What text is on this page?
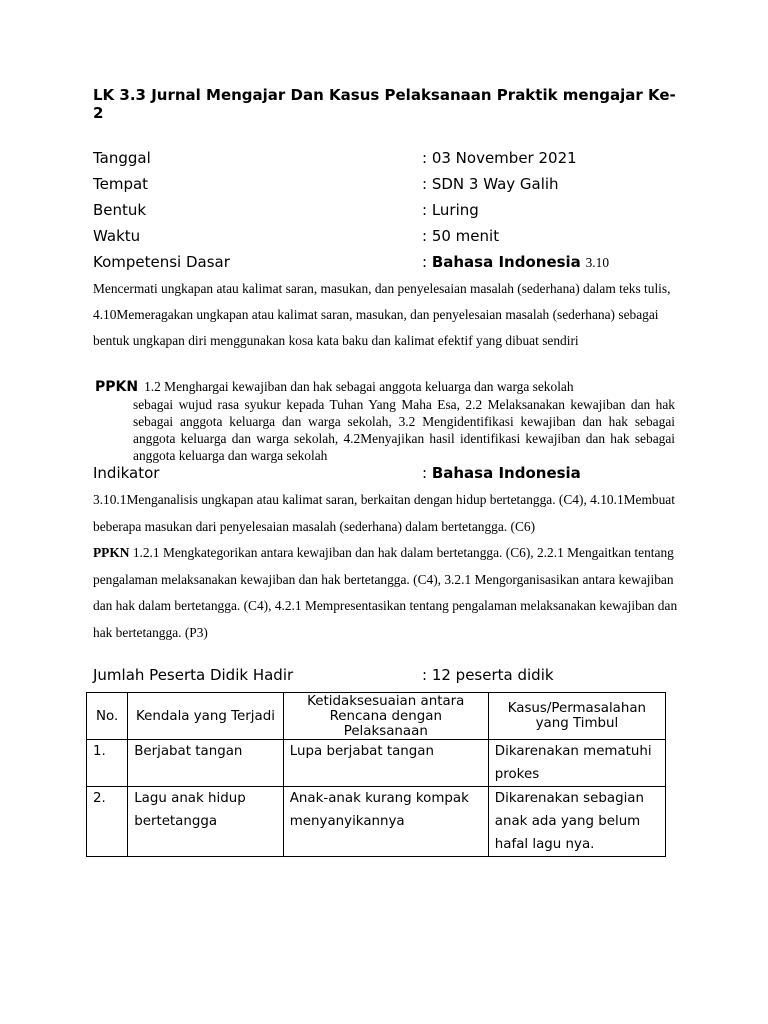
LK 3.3 Jurnal Mengajar Dan Kasus Pelaksanaan Praktik mengajar Ke-2
Tanggal	: 03 November 2021
Tempat	: SDN 3 Way Galih
Bentuk	: Luring
Waktu	: 50 menit
Kompetensi Dasar	: Bahasa Indonesia 3.10
Mencermati ungkapan atau kalimat saran, masukan, dan penyelesaian masalah (sederhana) dalam teks tulis, 4.10Memeragakan ungkapan atau kalimat saran, masukan, dan penyelesaian masalah (sederhana) sebagai bentuk ungkapan diri menggunakan kosa kata baku dan kalimat efektif yang dibuat sendiri
PPKN 1.2 Menghargai kewajiban dan hak sebagai anggota keluarga dan warga sekolah
sebagai wujud rasa syukur kepada Tuhan Yang Maha Esa, 2.2 Melaksanakan kewajiban dan hak sebagai anggota keluarga dan warga sekolah, 3.2 Mengidentifikasi kewajiban dan hak sebagai anggota keluarga dan warga sekolah, 4.2Menyajikan hasil identifikasi kewajiban dan hak sebagai anggota keluarga dan warga sekolah
Indikator	: Bahasa Indonesia
3.10.1Menganalisis ungkapan atau kalimat saran, berkaitan dengan hidup bertetangga. (C4), 4.10.1Membuat beberapa masukan dari penyelesaian masalah (sederhana) dalam bertetangga. (C6)
PPKN 1.2.1 Mengkategorikan antara kewajiban dan hak dalam bertetangga. (C6), 2.2.1 Mengaitkan tentang pengalaman melaksanakan kewajiban dan hak bertetangga. (C4), 3.2.1 Mengorganisasikan antara kewajiban dan hak dalam bertetangga. (C4), 4.2.1 Mempresentasikan tentang pengalaman melaksanakan kewajiban dan hak bertetangga. (P3)
Jumlah Peserta Didik Hadir	: 12 peserta didik
No.	Kendala yang Terjadi	Ketidaksesuaian antara Rencana dengan Pelaksanaan	Kasus/Permasalahan yang Timbul
1.	Berjabat tangan	Lupa berjabat tangan	Dikarenakan mematuhi prokes
2.	Lagu anak hidup bertetangga	Anak-anak kurang kompak menyanyikannya	Dikarenakan sebagian anak ada yang belum hafal lagu nya.
